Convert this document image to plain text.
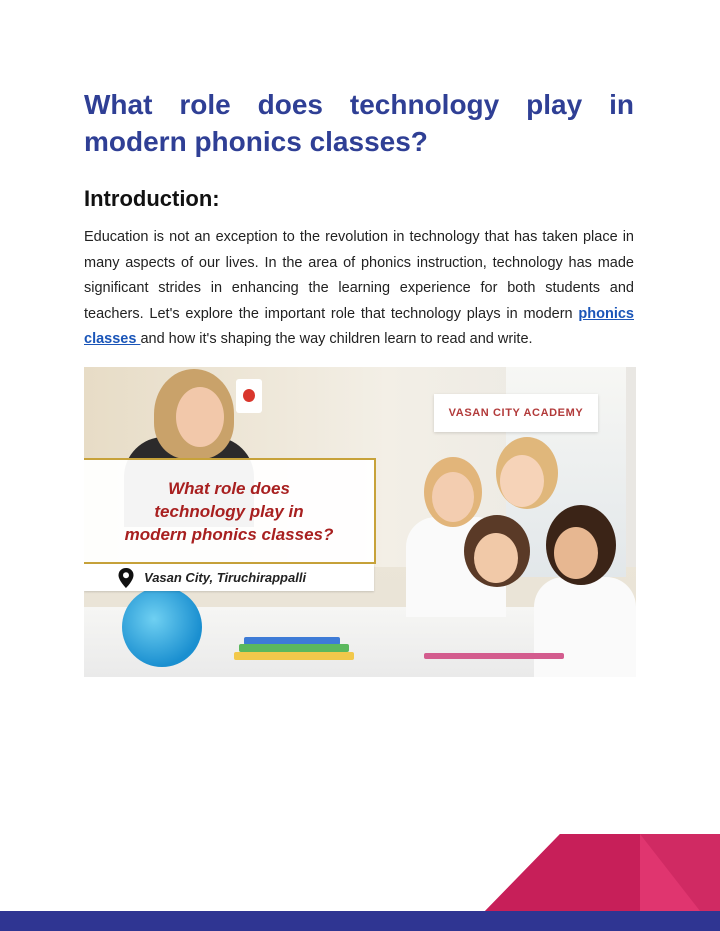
What role does technology play in modern phonics classes?
Introduction:

Education is not an exception to the revolution in technology that has taken place in many aspects of our lives. In the area of phonics instruction, technology has made significant strides in enhancing the learning experience for both students and teachers. Let's explore the important role that technology plays in modern phonics classes and how it's shaping the way children learn to read and write.

VASAN CITY ACADEMY
What role does
technology play in
modern phonics classes?
Vasan City, Tiruchirappalli
